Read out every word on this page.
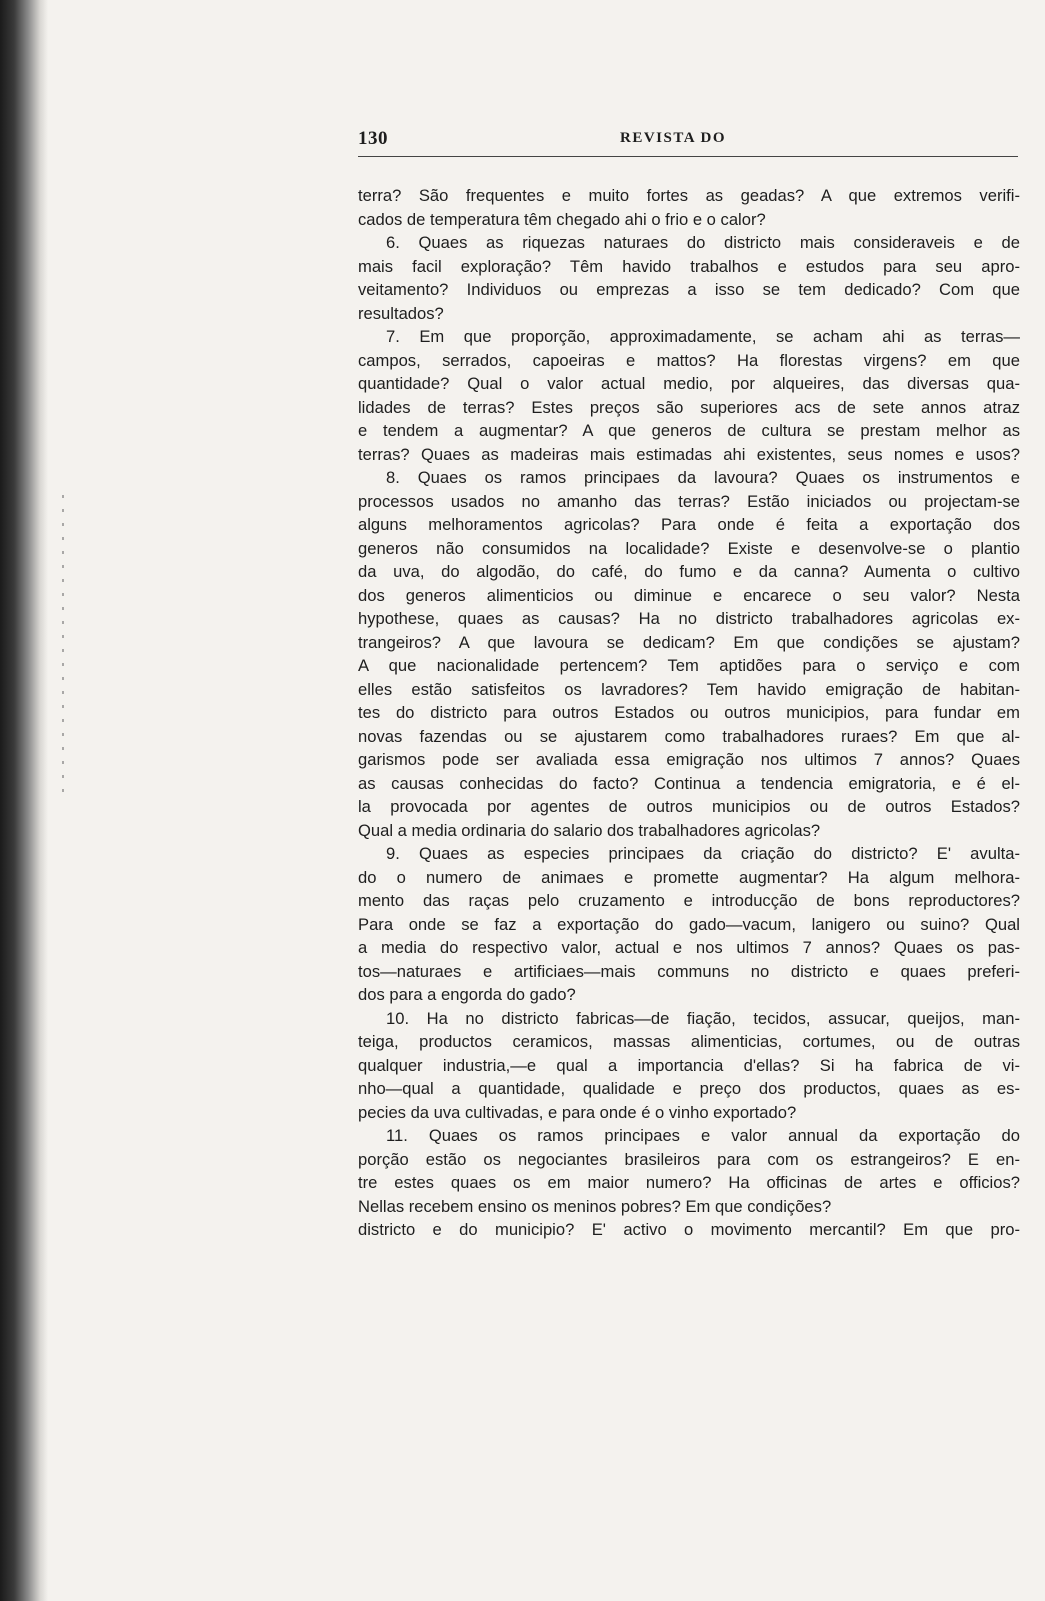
130	REVISTA DO
terra? São frequentes e muito fortes as geadas? A que extremos verifi-
cados de temperatura têm chegado ahi o frio e o calor?
6. Quaes as riquezas naturaes do districto mais consideraveis e de
mais facil exploração? Têm havido trabalhos e estudos para seu apro-
veitamento? Individuos ou emprezas a isso se tem dedicado? Com que
resultados?
7. Em que proporção, approximadamente, se acham ahi as terras—
campos, serrados, capoeiras e mattos? Ha florestas virgens? em que
quantidade? Qual o valor actual medio, por alqueires, das diversas qua-
lidades de terras? Estes preços são superiores acs de sete annos atraz
e tendem a augmentar? A que generos de cultura se prestam melhor as
terras? Quaes as madeiras mais estimadas ahi existentes, seus nomes e usos?
8. Quaes os ramos principaes da lavoura? Quaes os instrumentos e
processos usados no amanho das terras? Estão iniciados ou projectam-se
alguns melhoramentos agricolas? Para onde é feita a exportação dos
generos não consumidos na localidade? Existe e desenvolve-se o plantio
da uva, do algodão, do café, do fumo e da canna? Aumenta o cultivo
dos generos alimenticios ou diminue e encarece o seu valor? Nesta
hypothese, quaes as causas? Ha no districto trabalhadores agricolas ex-
trangeiros? A que lavoura se dedicam? Em que condições se ajustam?
A que nacionalidade pertencem? Tem aptidões para o serviço e com
elles estão satisfeitos os lavradores? Tem havido emigração de habitan-
tes do districto para outros Estados ou outros municipios, para fundar em
novas fazendas ou se ajustarem como trabalhadores ruraes? Em que al-
garismos pode ser avaliada essa emigração nos ultimos 7 annos? Quaes
as causas conhecidas do facto? Continua a tendencia emigratoria, e é el-
la provocada por agentes de outros municipios ou de outros Estados?
Qual a media ordinaria do salario dos trabalhadores agricolas?
9. Quaes as especies principaes da criação do districto? E' avulta-
do o numero de animaes e promette augmentar? Ha algum melhora-
mento das raças pelo cruzamento e introducção de bons reproductores?
Para onde se faz a exportação do gado—vacum, lanigero ou suino? Qual
a media do respectivo valor, actual e nos ultimos 7 annos? Quaes os pas-
tos—naturaes e artificiaes—mais communs no districto e quaes preferi-
dos para a engorda do gado?
10. Ha no districto fabricas—de fiação, tecidos, assucar, queijos, man-
teiga, productos ceramicos, massas alimenticias, cortumes, ou de outras
qualquer industria,—e qual a importancia d'ellas? Si ha fabrica de vi-
nho—qual a quantidade, qualidade e preço dos productos, quaes as es-
pecies da uva cultivadas, e para onde é o vinho exportado?
11. Quaes os ramos principaes e valor annual da exportação do
porção estão os negociantes brasileiros para com os estrangeiros? E en-
tre estes quaes os em maior numero? Ha officinas de artes e officios?
Nellas recebem ensino os meninos pobres? Em que condições?
districto e do municipio? E' activo o movimento mercantil? Em que pro-
